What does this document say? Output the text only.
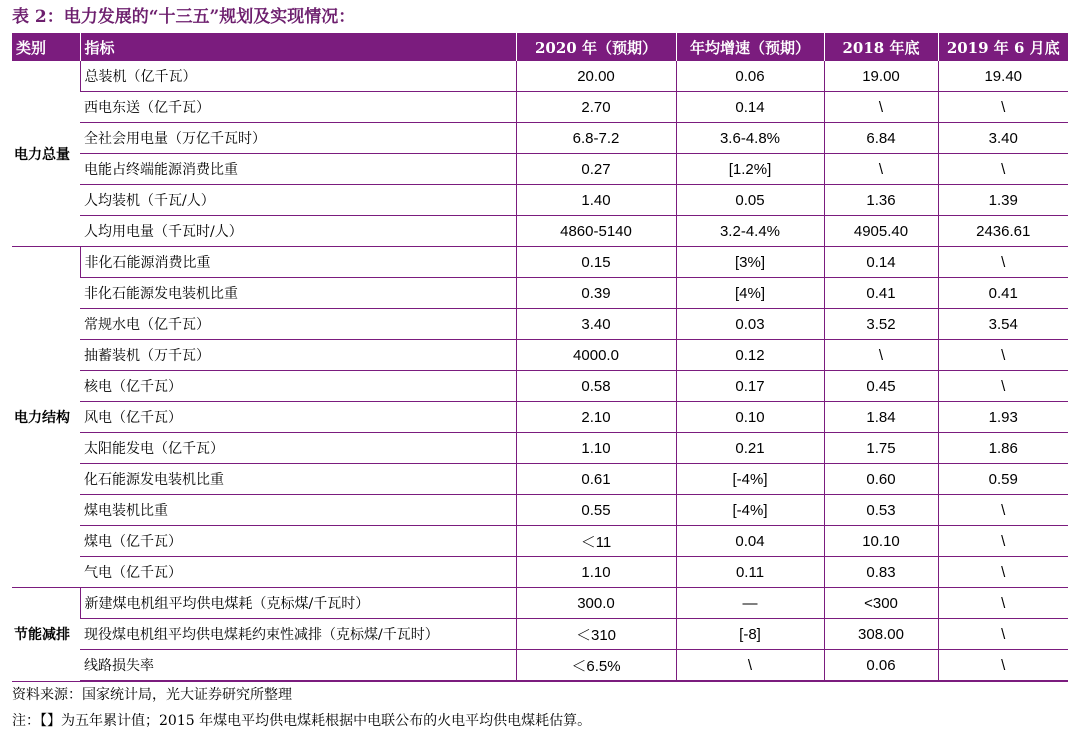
表 2：电力发展的“十三五”规划及实现情况：
类别	指标	2020 年（预期）	年均增速（预期）	2018 年底	2019 年 6 月底
电力总量	总装机（亿千瓦）	20.00	0.06	19.00	19.40
	西电东送（亿千瓦）	2.70	0.14	\	\
	全社会用电量（万亿千瓦时）	6.8-7.2	3.6-4.8%	6.84	3.40
	电能占终端能源消费比重	0.27	[1.2%]	\	\
	人均装机（千瓦/人）	1.40	0.05	1.36	1.39
	人均用电量（千瓦时/人）	4860-5140	3.2-4.4%	4905.40	2436.61
电力结构	非化石能源消费比重	0.15	[3%]	0.14	\
	非化石能源发电装机比重	0.39	[4%]	0.41	0.41
	常规水电（亿千瓦）	3.40	0.03	3.52	3.54
	抽蓄装机（万千瓦）	4000.0	0.12	\	\
	核电（亿千瓦）	0.58	0.17	0.45	\
	风电（亿千瓦）	2.10	0.10	1.84	1.93
	太阳能发电（亿千瓦）	1.10	0.21	1.75	1.86
	化石能源发电装机比重	0.61	[-4%]	0.60	0.59
	煤电装机比重	0.55	[-4%]	0.53	\
	煤电（亿千瓦）	＜11	0.04	10.10	\
	气电（亿千瓦）	1.10	0.11	0.83	\
节能减排	新建煤电机组平均供电煤耗（克标煤/千瓦时）	300.0	—	<300	\
	现役煤电机组平均供电煤耗约束性减排（克标煤/千瓦时）	＜310	[-8]	308.00	\
	线路损失率	＜6.5%	\	0.06	\
资料来源：国家统计局，光大证券研究所整理
注：【】为五年累计值；2015 年煤电平均供电煤耗根据中电联公布的火电平均供电煤耗估算。
